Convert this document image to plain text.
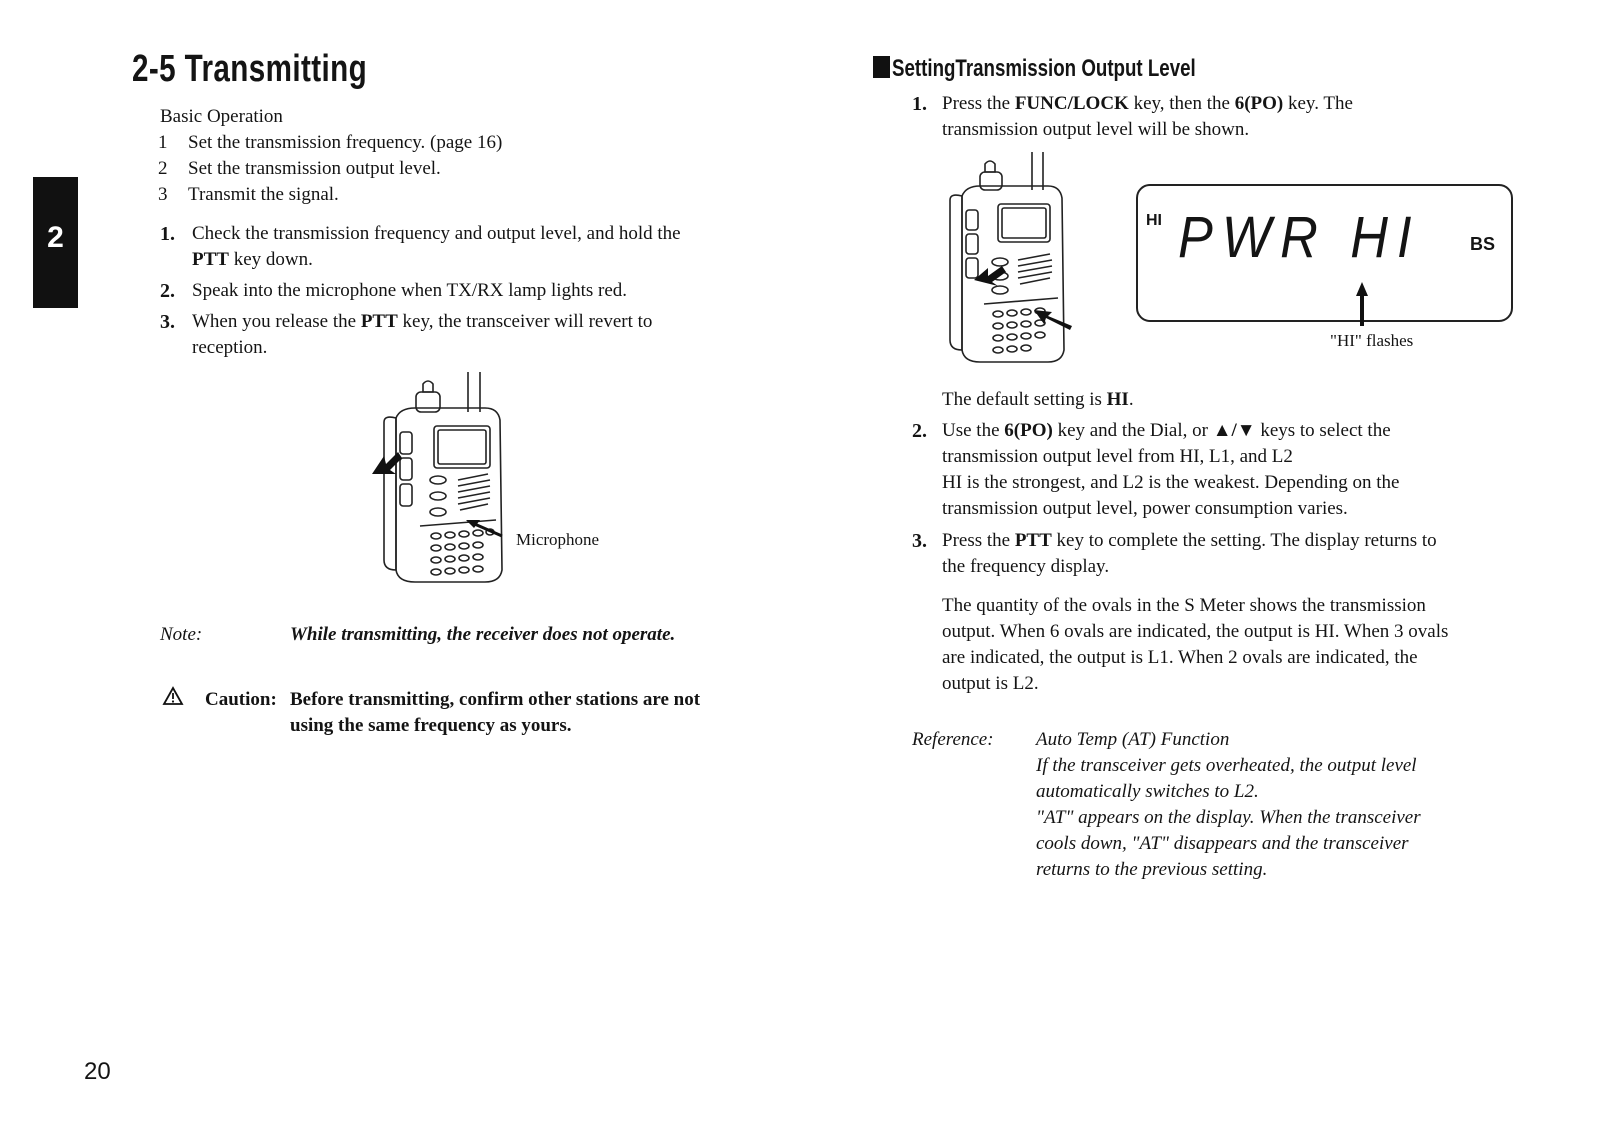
2
2-5 Transmitting
Basic Operation
1 Set the transmission frequency. (page 16)
2 Set the transmission output level.
3 Transmit the signal.
1. Check the transmission frequency and output level, and hold the
PTT key down.
2. Speak into the microphone when TX/RX lamp lights red.
3. When you release the PTT key, the transceiver will revert to
reception.
Microphone
Note:	While transmitting, the receiver does not operate.
Caution: Before transmitting, confirm other stations are not
using the same frequency as yours.
20
SettingTransmission Output Level
1. Press the FUNC/LOCK key, then the 6(PO) key. The
transmission output level will be shown.
HI PWR HI	BS
"HI" flashes
The default setting is HI.
2. Use the 6(PO) key and the Dial, or ▲/▼ keys to select the
transmission output level from HI, L1, and L2
HI is the strongest, and L2 is the weakest. Depending on the
transmission output level, power consumption varies.
3. Press the PTT key to complete the setting. The display returns to
the frequency display.
The quantity of the ovals in the S Meter shows the transmission
output. When 6 ovals are indicated, the output is HI. When 3 ovals
are indicated, the output is L1. When 2 ovals are indicated, the
output is L2.
Reference: Auto Temp (AT) Function
If the transceiver gets overheated, the output level
automatically switches to L2.
"AT" appears on the display. When the transceiver
cools down, "AT" disappears and the transceiver
returns to the previous setting.
